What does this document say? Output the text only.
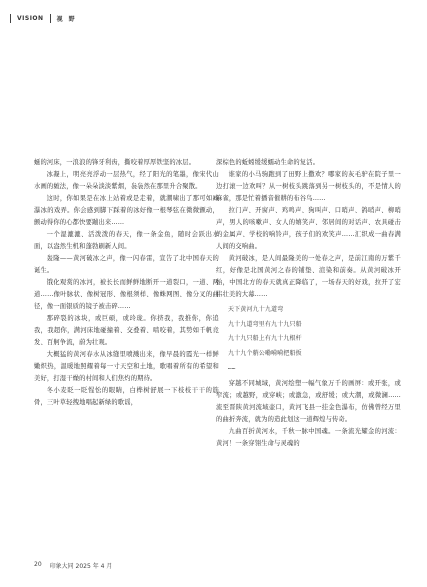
VISION 视 野

蜒的河床，一浪浪的锋牙利齿，撕咬着厚厚铁坚的冰层。

冰凝上，明亮亮浮动一层热气，经了阳光的笔墨，像宋代山水画的皴法，像一朵朵淡淡紫烟，袅袅然在那里升合聚散。

这时，你如果是在冰上站着或是走着，就潮啸出了那可如臧瀑冰的戏弄。你会感到脚下踩着的冰好像一根琴弦在微微颤动，颤动得你的心都快要蹦出来……

一个湿漉漉、活泼泼的春天，像一条金鱼，随时会跃出水面，以盎然生机和蓬勃刷新人间。

轰隆——黄河破冰之声，像一闪春雷，宣告了北中国春天的诞生。

饿化观赏的冰河，被长长而鲜鲜地断开一道裂口，一道、两道……像叶脉状、像树冠形、像根须样、像蛛网图、像分叉的曲径，像一面银质的镜子被击碎……

那碎裂的冰块，或巨硕，或玲珑。你挤我，我推你，你追我，我超你，满河床地碰撞着、交叠着、啮咬着，其势如千帆竞发、百舸争流，蔚为壮观。

大概猛的黄河春水从冰缝里喷溅出来，像早晨的霞光一样鲜嫩炽热，温暖地照耀着每一寸天空和土地，歌唱着所有的希望和美好，打湿干燥的村间和人们焦灼的期待。

冬小麦眨一眨惺忪的眼睛，白桦树舒展一下枝枝干干的筋骨，三叶草轻拽地唱起新绿的歌谣，

深棕色的蚯蚓缓缓蠕动生命的复活。

谁家的小马驹跑到了田野上撒欢？哪家的灰毛驴在院子里一边打滚一边欢叫？从一树枝头跳落到另一树枝头的，不是情人的麻雀，那是忙着播音催耕的布谷鸟……

拉门声、开窗声、鸡鸣声、狗叫声、口哨声、鸽哨声、柳哨声，男人的咳嗽声、女人的嬉笑声、邻居间的对话声、农具碰击的金属声、学校的响铃声，孩子们的欢笑声……汇织成一曲春满人间的交响曲。

黄河破冰，是人间最隆美的一处春之声，是前江南的万紫千红，好像是北国黄河之春的铺垫、渲染和前奏。从黄河破冰开始，中国北方的春天就真正降临了，一场春天的好戏，拉开了宏伟壮美的大幕……

天下黄河九十九道弯
九十九道弯里有九十九只船
九十九只船上有九十九根杆
九十九个艄公嘞嗬嗬把船扳
……

穿越不同城域，黄河绘塑一幅气象万千的画屏：或开张，或窄流；或越野，或穿峡；或激急，或舒缓；或大潮，或微澜……流至晋陕黄河流域壶口，黄河飞县一挂金色瀑布，仿佛曾经万里的曲折奔流，就为的造此划这一道辉煌与传奇。

九曲百折黄河水，千秋一脉中国魂。一条流光耀金的河流：黄河！一条穿翎生命与灵魂的

20 印象大同 2025 年 4 月
